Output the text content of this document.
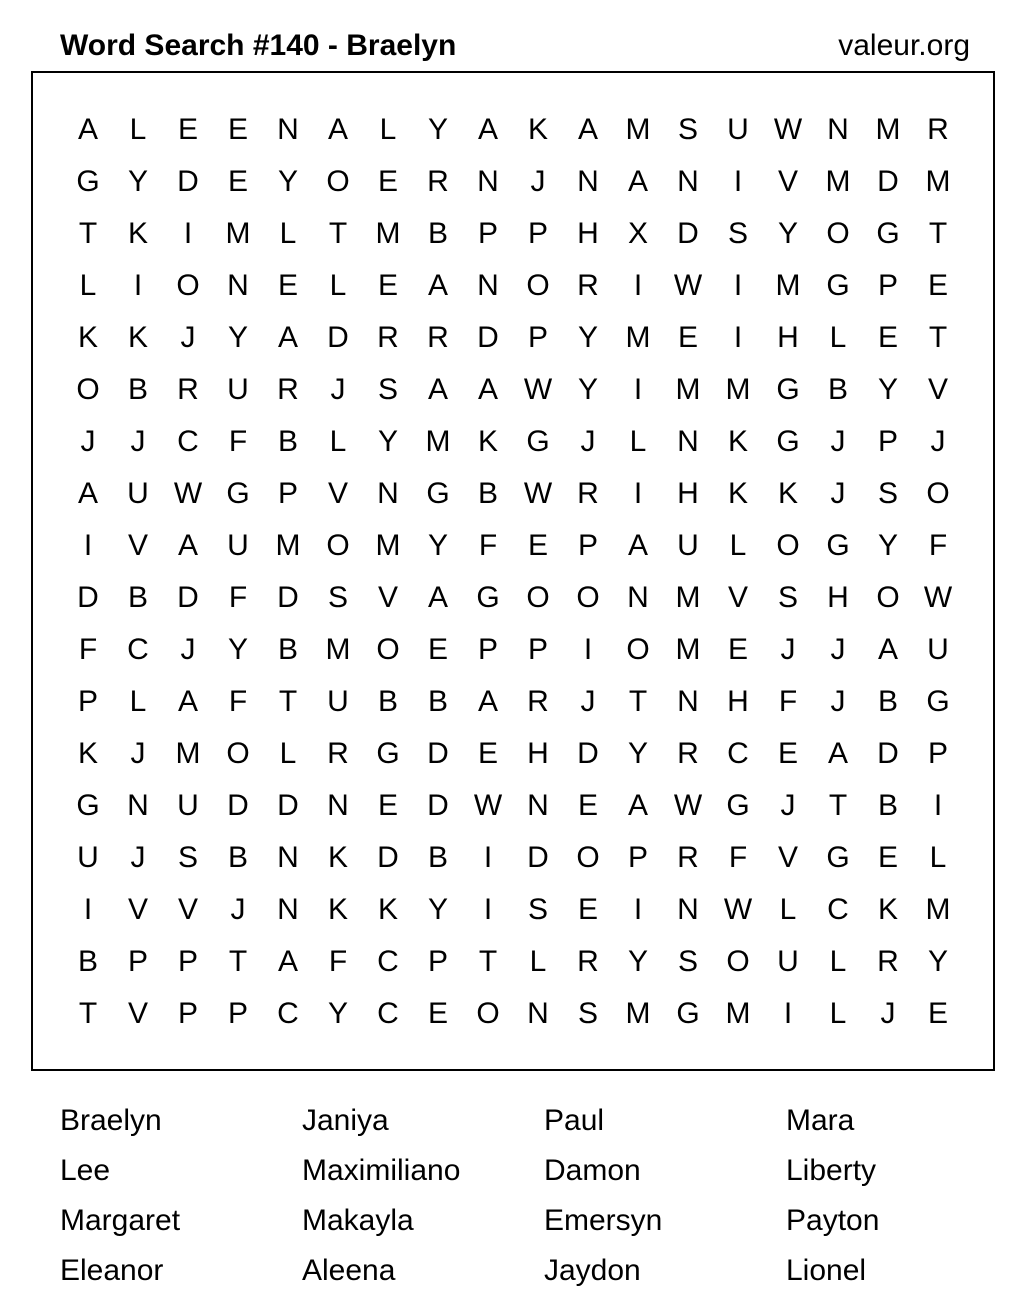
Word Search #140 - Braelyn	valeur.org
A	L	E E N A	L	Y A K A M S U W N M R
G Y D E Y O E R N	J	N A N	I	V M D M
T	K	I	M L	T M B P P H X D S Y O G T
L	I	O N E	L	E A N O R	I	W	I	M G P E
K K	J	Y A D R R D P Y M E	I	H	L	E	T
O B R U R	J	S A A W Y	I	M M G B Y V
J	J	C	F	B	L	Y M K G	J	L	N K G	J	P	J
A U W G P V N G B W R	I	H K K	J	S O
I	V A U M O M Y	F	E P A U	L O G Y	F
D B D	F	D S V A G O O N M V S H O W
F	C	J	Y B M O E P P	I	O M E	J	J	A U
P	L	A	F	T	U B B A R	J	T	N H	F	J	B G
K	J	M O L	R G D E H D Y R C E A D P
G N U D D N E D W N E A W G	J	T	B	I
U	J	S B N K D B	I	D O P R	F	V G E	L
I	V V	J	N K K Y	I	S E	I	N W L	C K M
B P P	T	A	F	C P	T	L	R Y S O U	L	R Y
T	V P P C Y C E O N S M G M	I	L	J	E
Braelyn	Janiya	Paul	Mara
Lee	Maximiliano	Damon	Liberty
Margaret	Makayla	Emersyn	Payton
Eleanor	Aleena	Jaydon	Lionel
